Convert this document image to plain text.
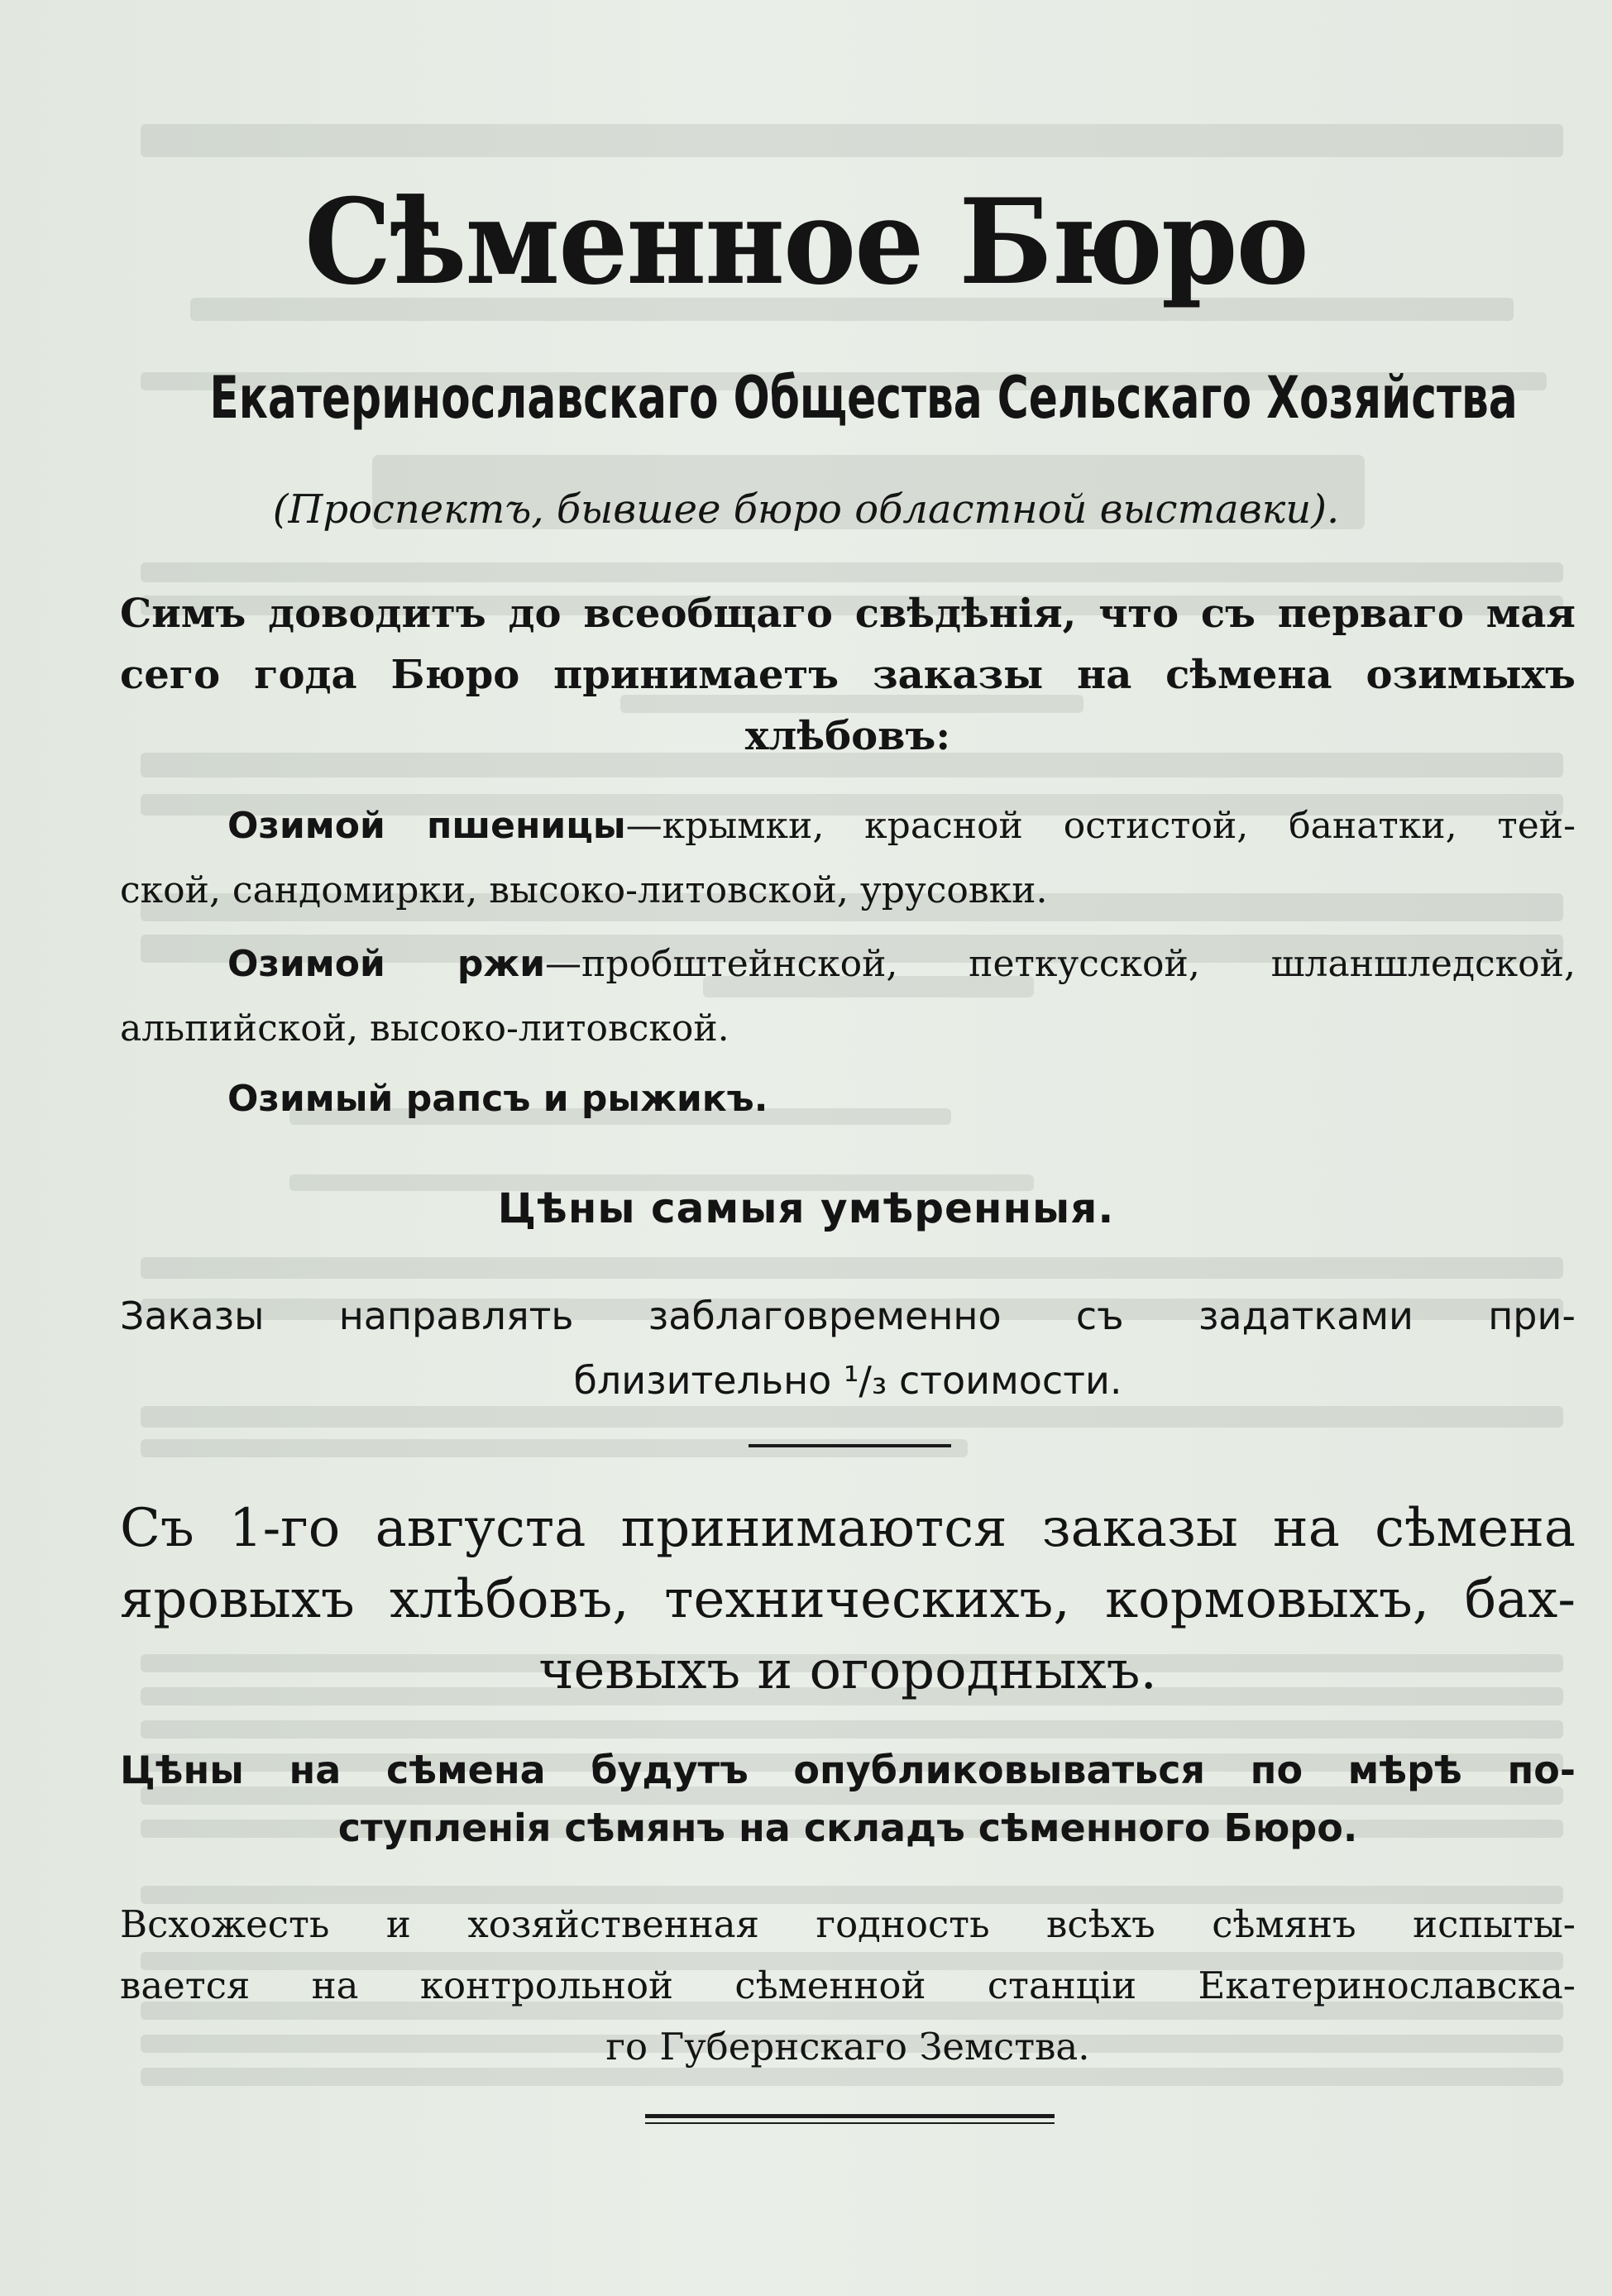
Сѣменное Бюро
Екатеринославскаго Общества Сельскаго Хозяйства
(Проспектъ, бывшее бюро областной выставки).
Симъ доводитъ до всеобщаго свѣдѣнія, что съ перваго мая
сего года Бюро принимаетъ заказы на сѣмена озимыхъ
хлѣбовъ:
Озимой пшеницы—крымки, красной остистой, банатки, тей-
ской, сандомирки, высоко-литовской, урусовки.
Озимой ржи—пробштейнской, петкусской, шланшледской,
альпийской, высоко-литовской.
Озимый рапсъ и рыжикъ.
Цѣны самыя умѣренныя.
Заказы направлять заблаговременно съ задатками при-
близительно ¹/₃ стоимости.
Съ 1-го августа принимаются заказы на сѣмена
яровыхъ хлѣбовъ, техническихъ, кормовыхъ, бах-
чевыхъ и огородныхъ.
Цѣны на сѣмена будутъ опубликовываться по мѣрѣ по-
ступленія сѣмянъ на складъ сѣменного Бюро.
Всхожесть и хозяйственная годность всѣхъ сѣмянъ испыты-
вается на контрольной сѣменной станціи Екатеринославска-
го Губернскаго Земства.
